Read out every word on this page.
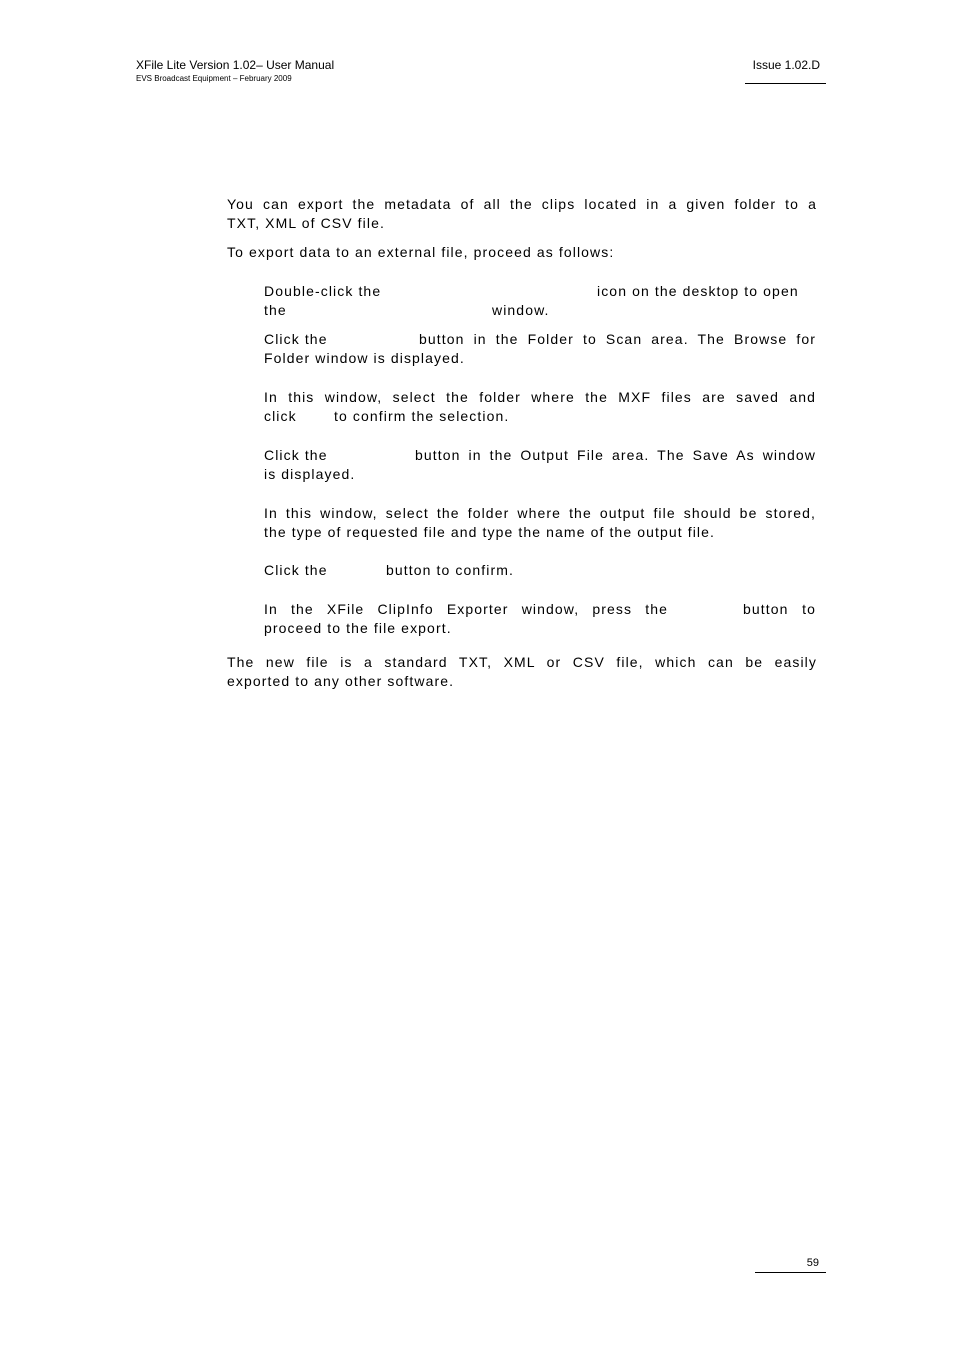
XFile Lite Version 1.02– User Manual
EVS Broadcast Equipment – February 2009
Issue 1.02.D
You can export the metadata of all the clips located in a given folder to a
TXT, XML of CSV file.
To export data to an external file, proceed as follows:
Double-click the	icon on the desktop to open
the	window.
Click the	button in the Folder to Scan area. The Browse for
Folder window is displayed.
In this window, select the folder where the MXF files are saved and
click	to confirm the selection.
Click the	button in the Output File area. The Save As window
is displayed.
In this window, select the folder where the output file should be stored,
the type of requested file and type the name of the output file.
Click the	button to confirm.
In the XFile ClipInfo Exporter window, press the	button to
proceed to the file export.
The new file is a standard TXT, XML or CSV file, which can be easily
exported to any other software.
59
